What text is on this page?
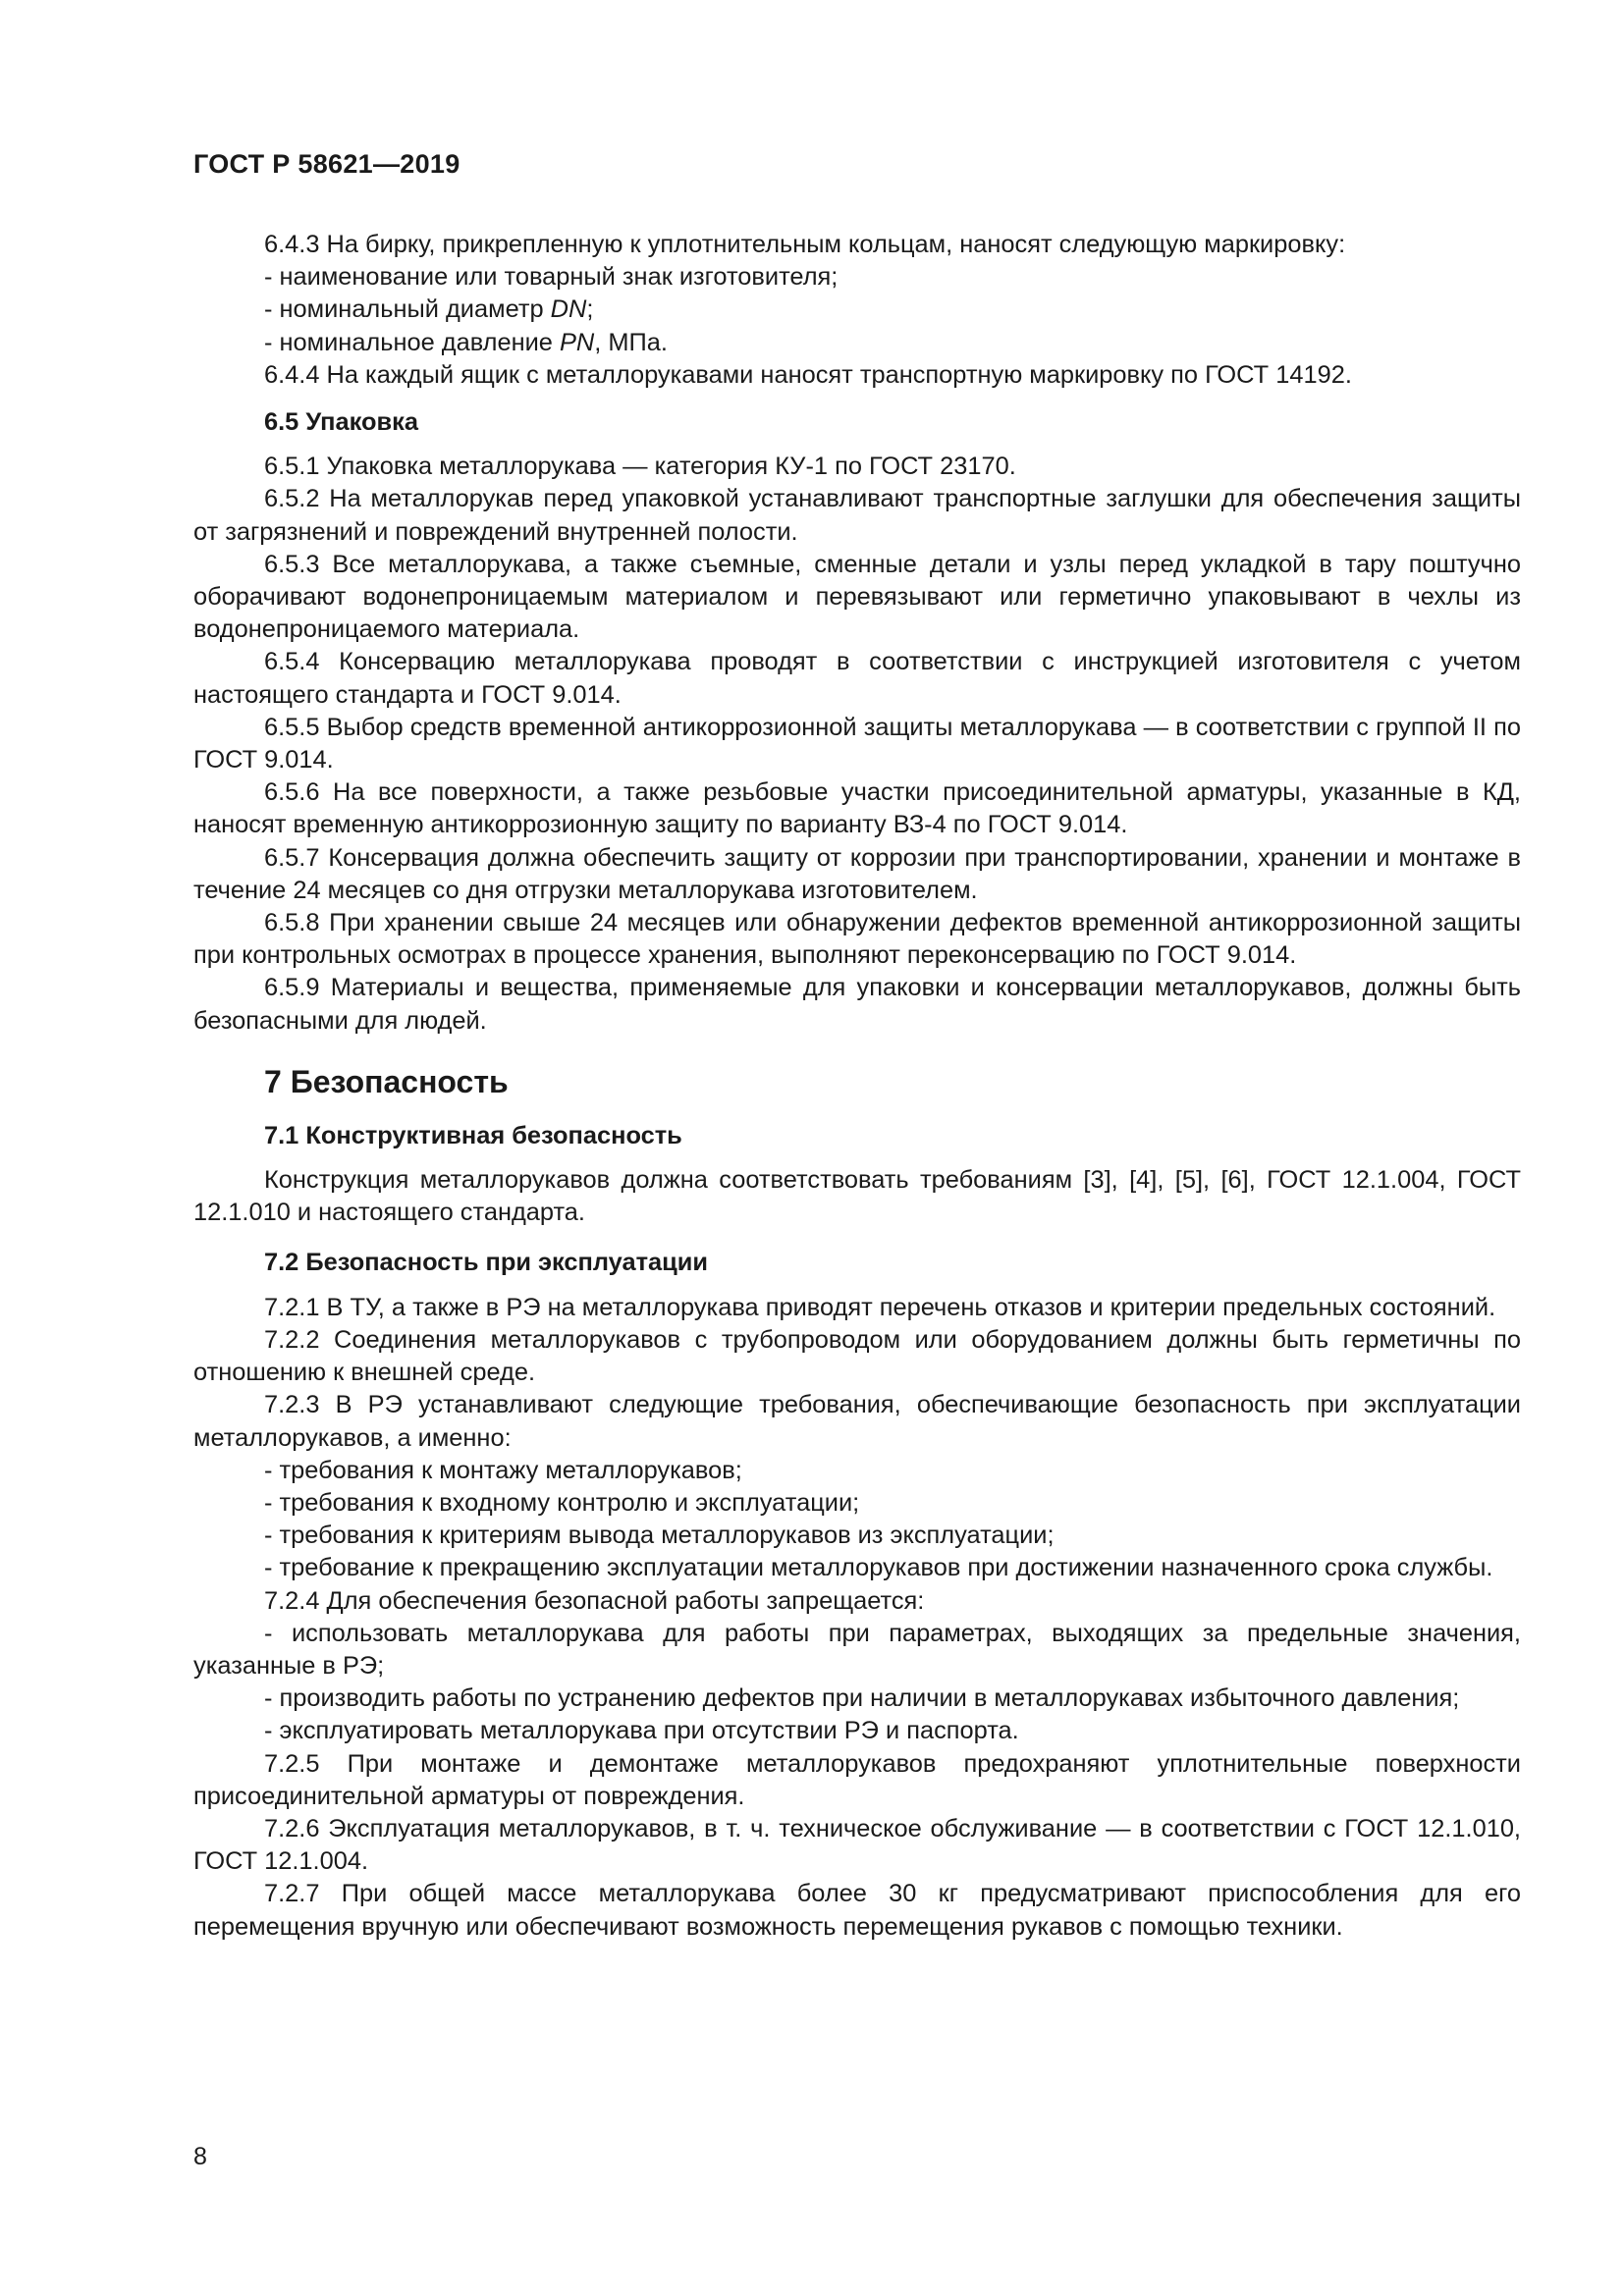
ГОСТ Р 58621—2019

6.4.3 На бирку, прикрепленную к уплотнительным кольцам, наносят следующую маркировку:

- наименование или товарный знак изготовителя;

- номинальный диаметр DN;

- номинальное давление PN, МПа.

6.4.4 На каждый ящик с металлорукавами наносят транспортную маркировку по ГОСТ 14192.

6.5 Упаковка

6.5.1 Упаковка металлорукава — категория КУ-1 по ГОСТ 23170.

6.5.2 На металлорукав перед упаковкой устанавливают транспортные заглушки для обеспечения защиты от загрязнений и повреждений внутренней полости.

6.5.3 Все металлорукава, а также съемные, сменные детали и узлы перед укладкой в тару поштучно оборачивают водонепроницаемым материалом и перевязывают или герметично упаковывают в чехлы из водонепроницаемого материала.

6.5.4 Консервацию металлорукава проводят в соответствии с инструкцией изготовителя с учетом настоящего стандарта и ГОСТ 9.014.

6.5.5 Выбор средств временной антикоррозионной защиты металлорукава — в соответствии с группой II по ГОСТ 9.014.

6.5.6 На все поверхности, а также резьбовые участки присоединительной арматуры, указанные в КД, наносят временную антикоррозионную защиту по варианту ВЗ-4 по ГОСТ 9.014.

6.5.7 Консервация должна обеспечить защиту от коррозии при транспортировании, хранении и монтаже в течение 24 месяцев со дня отгрузки металлорукава изготовителем.

6.5.8 При хранении свыше 24 месяцев или обнаружении дефектов временной антикоррозионной защиты при контрольных осмотрах в процессе хранения, выполняют переконсервацию по ГОСТ 9.014.

6.5.9 Материалы и вещества, применяемые для упаковки и консервации металлорукавов, должны быть безопасными для людей.

7 Безопасность

7.1 Конструктивная безопасность

Конструкция металлорукавов должна соответствовать требованиям [3], [4], [5], [6], ГОСТ 12.1.004, ГОСТ 12.1.010 и настоящего стандарта.

7.2 Безопасность при эксплуатации

7.2.1 В ТУ, а также в РЭ на металлорукава приводят перечень отказов и критерии предельных состояний.

7.2.2 Соединения металлорукавов с трубопроводом или оборудованием должны быть герметичны по отношению к внешней среде.

7.2.3 В РЭ устанавливают следующие требования, обеспечивающие безопасность при эксплуатации металлорукавов, а именно:

- требования к монтажу металлорукавов;

- требования к входному контролю и эксплуатации;

- требования к критериям вывода металлорукавов из эксплуатации;

- требование к прекращению эксплуатации металлорукавов при достижении назначенного срока службы.

7.2.4 Для обеспечения безопасной работы запрещается:

- использовать металлорукава для работы при параметрах, выходящих за предельные значения, указанные в РЭ;

- производить работы по устранению дефектов при наличии в металлорукавах избыточного давления;

- эксплуатировать металлорукава при отсутствии РЭ и паспорта.

7.2.5 При монтаже и демонтаже металлорукавов предохраняют уплотнительные поверхности присоединительной арматуры от повреждения.

7.2.6 Эксплуатация металлорукавов, в т. ч. техническое обслуживание — в соответствии с ГОСТ 12.1.010, ГОСТ 12.1.004.

7.2.7 При общей массе металлорукава более 30 кг предусматривают приспособления для его перемещения вручную или обеспечивают возможность перемещения рукавов с помощью техники.

8
